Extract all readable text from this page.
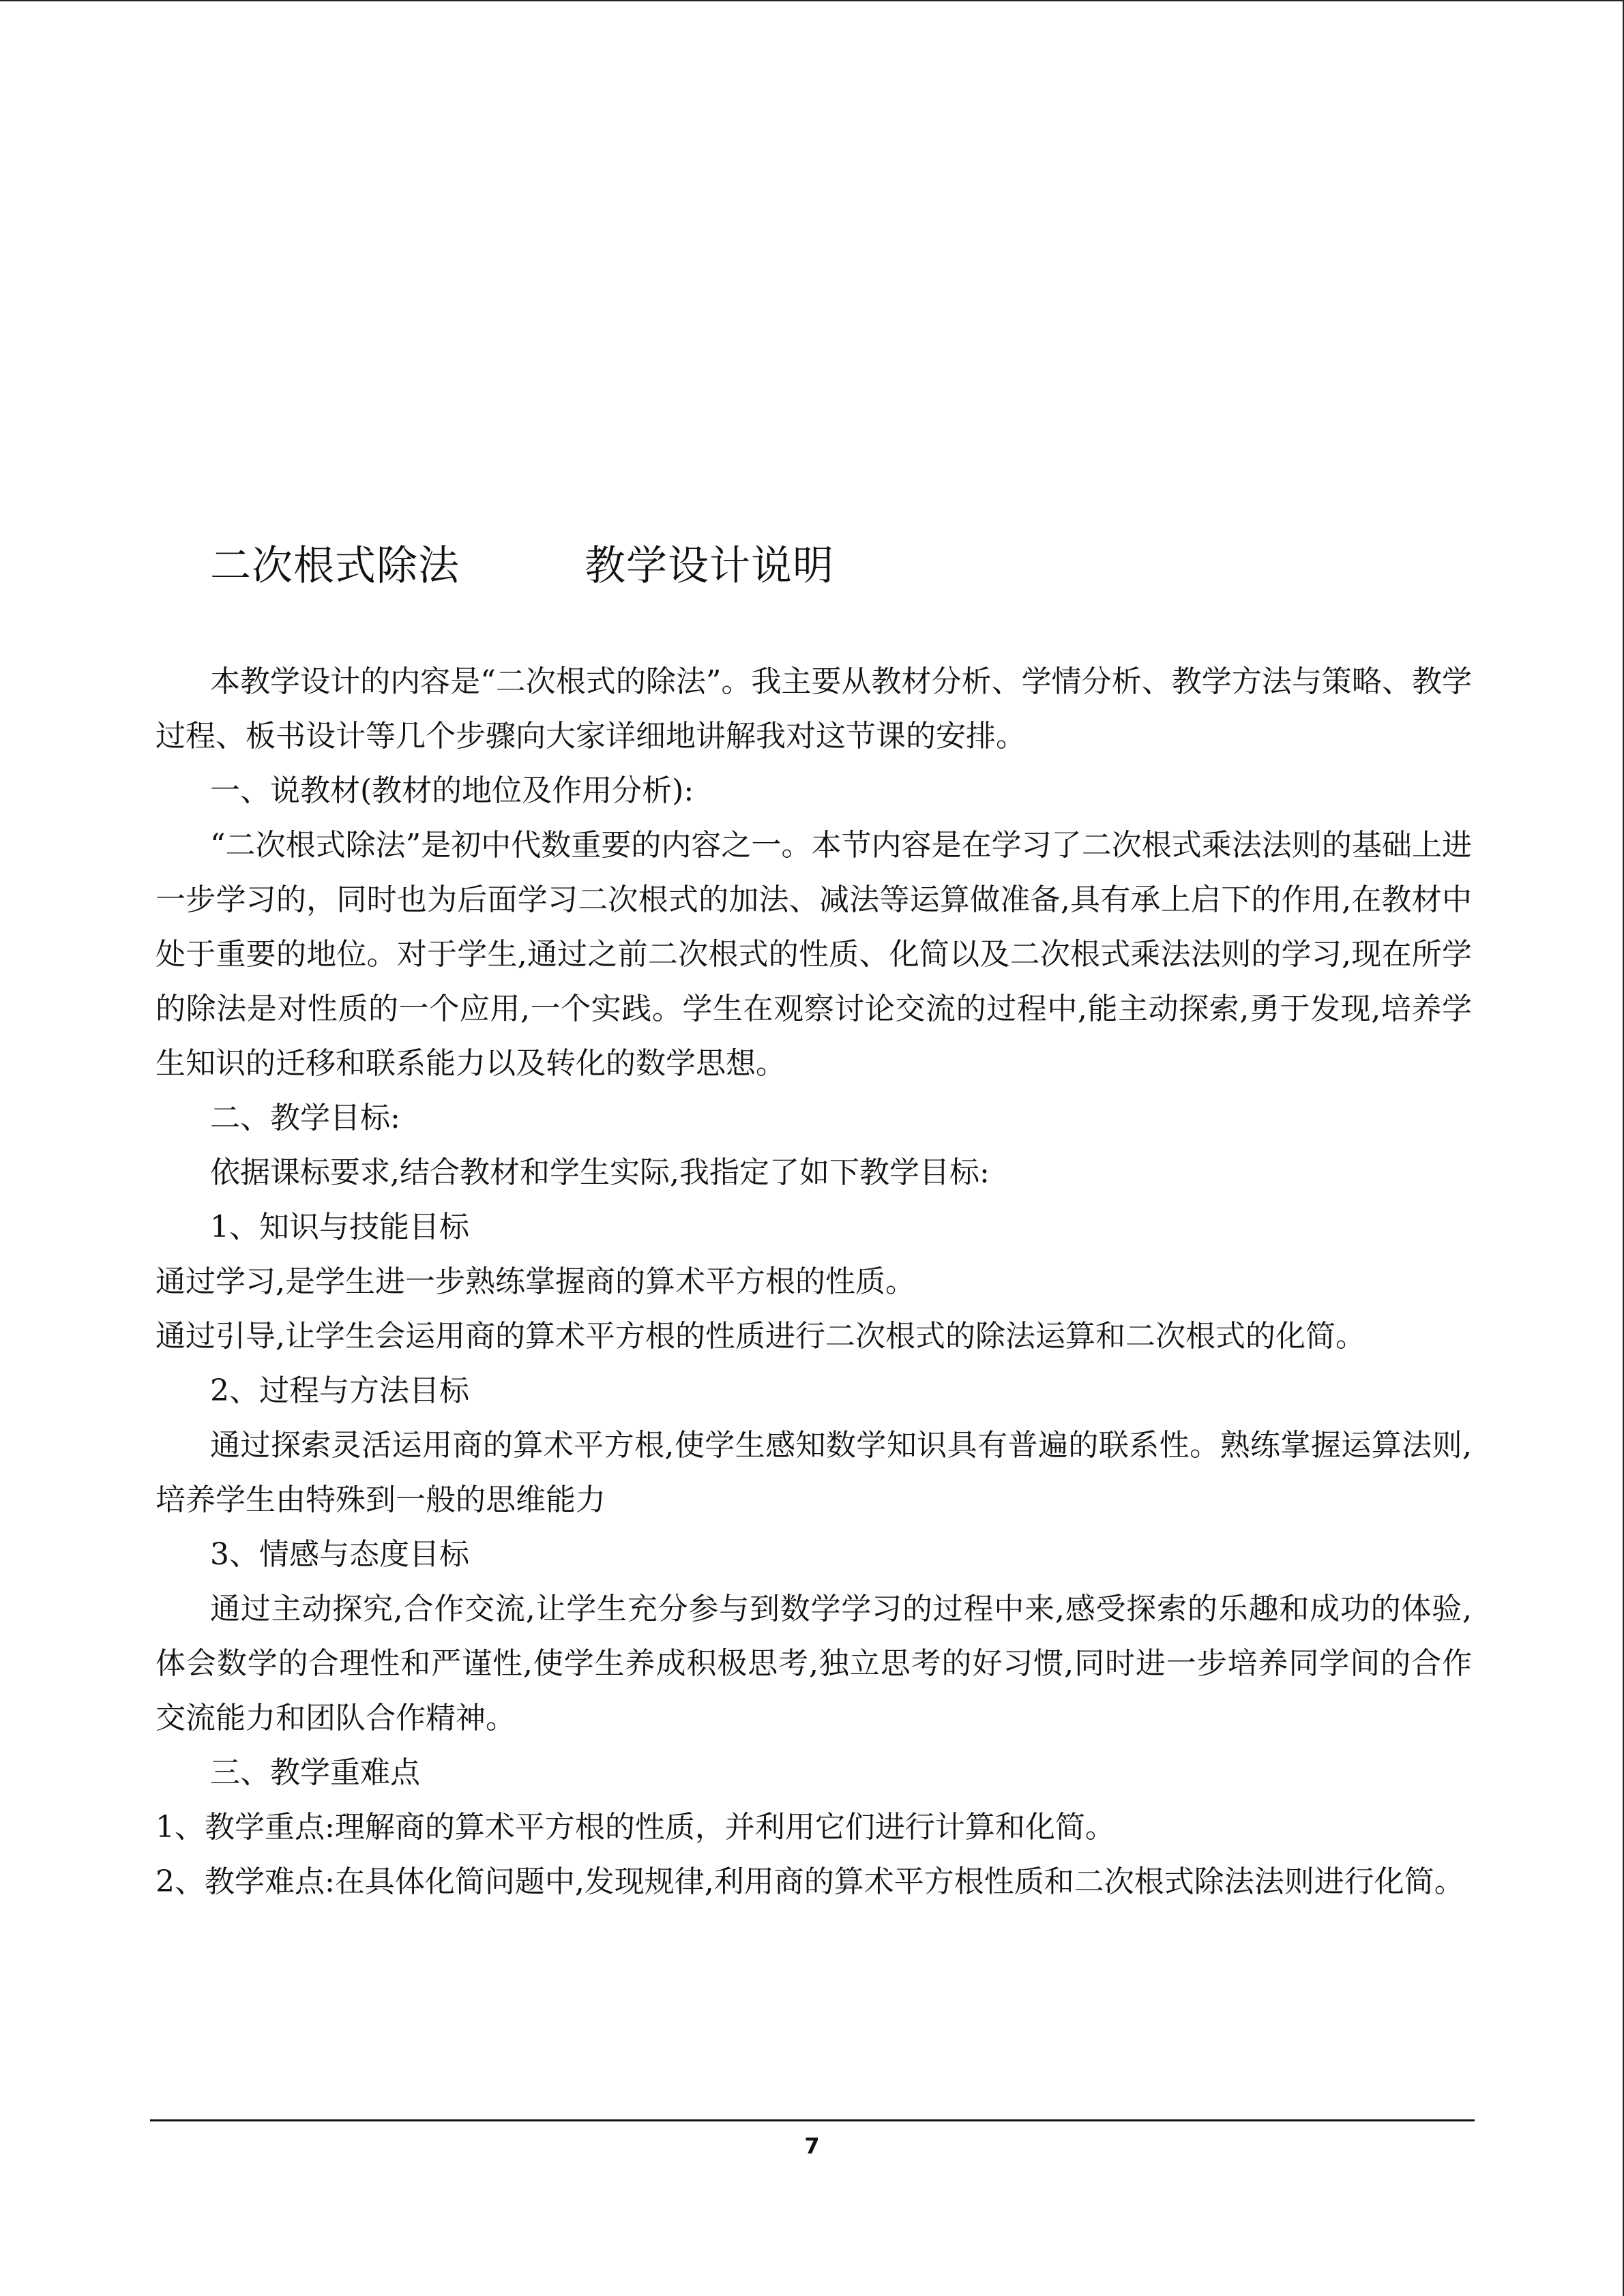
二次根式除法　　　教学设计说明

本教学设计的内容是“二次根式的除法”。我主要从教材分析、学情分析、教学方法与策略、教学过程、板书设计等几个步骤向大家详细地讲解我对这节课的安排。

一、说教材(教材的地位及作用分析):

“二次根式除法”是初中代数重要的内容之一。本节内容是在学习了二次根式乘法法则的基础上进一步学习的，同时也为后面学习二次根式的加法、减法等运算做准备,具有承上启下的作用,在教材中处于重要的地位。对于学生,通过之前二次根式的性质、化简以及二次根式乘法法则的学习,现在所学的除法是对性质的一个应用,一个实践。学生在观察讨论交流的过程中,能主动探索,勇于发现,培养学生知识的迁移和联系能力以及转化的数学思想。

二、教学目标:

依据课标要求,结合教材和学生实际,我指定了如下教学目标:

1、知识与技能目标

通过学习,是学生进一步熟练掌握商的算术平方根的性质。

通过引导,让学生会运用商的算术平方根的性质进行二次根式的除法运算和二次根式的化简。

2、过程与方法目标

通过探索灵活运用商的算术平方根,使学生感知数学知识具有普遍的联系性。熟练掌握运算法则,培养学生由特殊到一般的思维能力

3、情感与态度目标

通过主动探究,合作交流,让学生充分参与到数学学习的过程中来,感受探索的乐趣和成功的体验,体会数学的合理性和严谨性,使学生养成积极思考,独立思考的好习惯,同时进一步培养同学间的合作交流能力和团队合作精神。

三、教学重难点

1、教学重点:理解商的算术平方根的性质，并利用它们进行计算和化简。

2、教学难点:在具体化简问题中,发现规律,利用商的算术平方根性质和二次根式除法法则进行化简。

7
